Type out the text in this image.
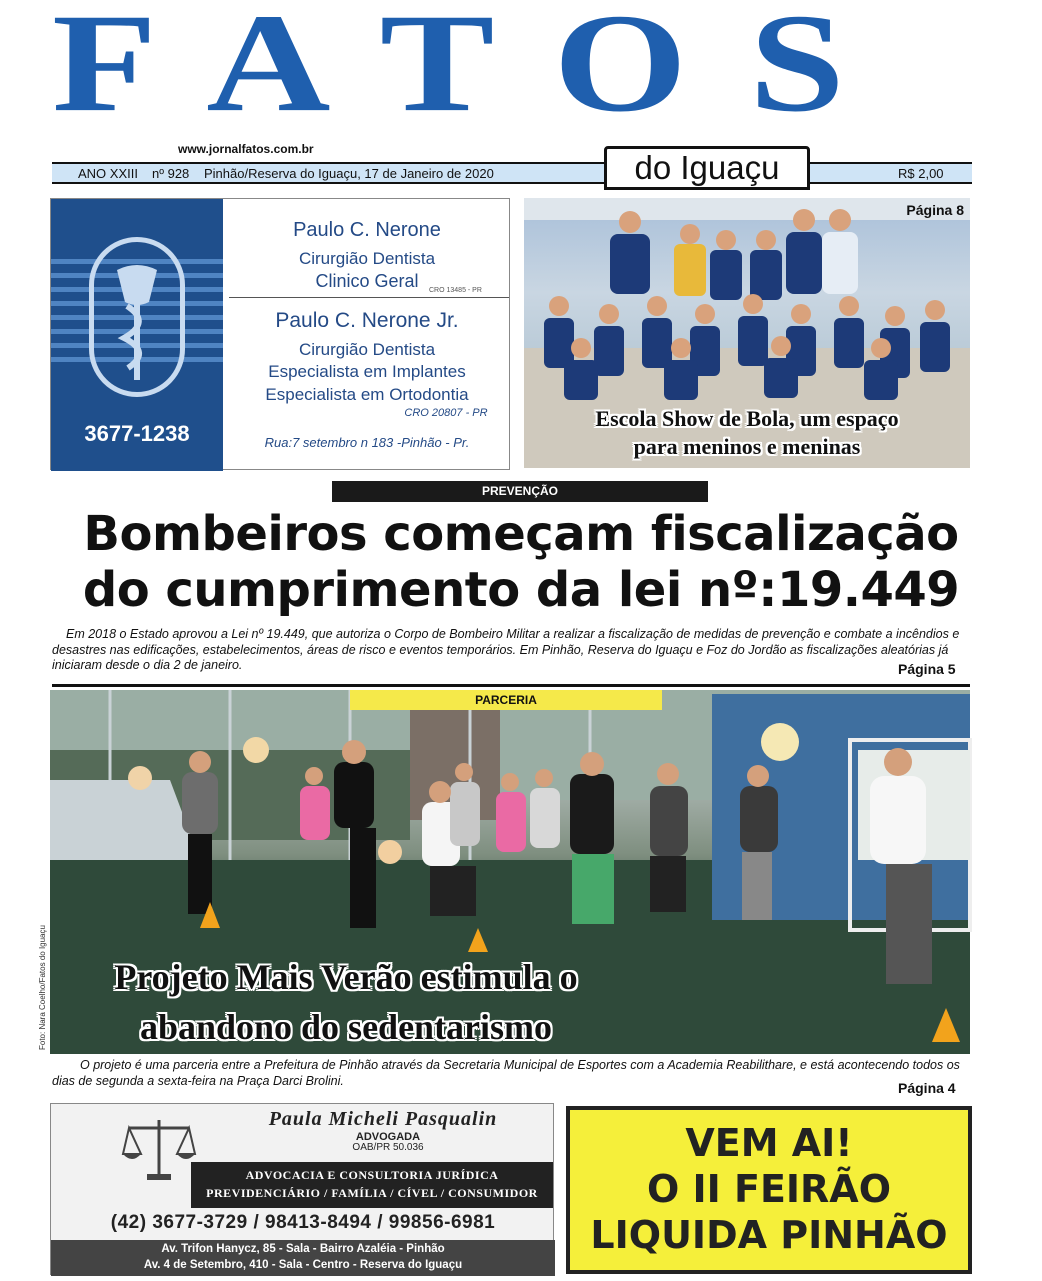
FATOS
www.jornalfatos.com.br
ANO XXIII nº 928 Pinhão/Reserva do Iguaçu, 17 de Janeiro de 2020	R$ 2,00
do Iguaçu
3677-1238
Paulo C. Nerone
Cirurgião Dentista
Clinico Geral	CRO 13485 - PR
Paulo C. Nerone Jr.
Cirurgião Dentista
Especialista em Implantes
Especialista em Ortodontia
CRO 20807 - PR
Rua:7 setembro n 183 -Pinhão - Pr.
Página 8
Escola Show de Bola, um espaço
para meninos e meninas
PREVENÇÃO
Bombeiros começam fiscalização
do cumprimento da lei nº:19.449
Em 2018 o Estado aprovou a Lei nº 19.449, que autoriza o Corpo de Bombeiro Militar a realizar a fiscalização de medidas de prevenção e combate a incêndios e desastres nas edificações, estabelecimentos, áreas de risco e eventos temporários. Em Pinhão, Reserva do Iguaçu e Foz do Jordão as fiscalizações aleatórias já iniciaram desde o dia 2 de janeiro.	Página 5
Foto: Nara Coelho/Fatos do Iguaçu	Projeto Mais Verão estimula o
abandono do sedentarismo
PARCERIA
O projeto é uma parceria entre a Prefeitura de Pinhão através da Secretaria Municipal de Esportes com a Academia Reabilithare, e está acontecendo todos os dias de segunda a sexta-feira na Praça Darci Brolini.	Página 4
Paula Micheli Pasqualin
ADVOGADA
OAB/PR 50.036
ADVOCACIA E CONSULTORIA JURÍDICA
PREVIDENCIÁRIO / FAMÍLIA / CÍVEL / CONSUMIDOR
(42) 3677-3729 / 98413-8494 / 99856-6981
Av. Trifon Hanycz, 85 - Sala - Bairro Azaléia - Pinhão
Av. 4 de Setembro, 410 - Sala - Centro - Reserva do Iguaçu
VEM AI!
O II FEIRÃO
LIQUIDA PINHÃO
